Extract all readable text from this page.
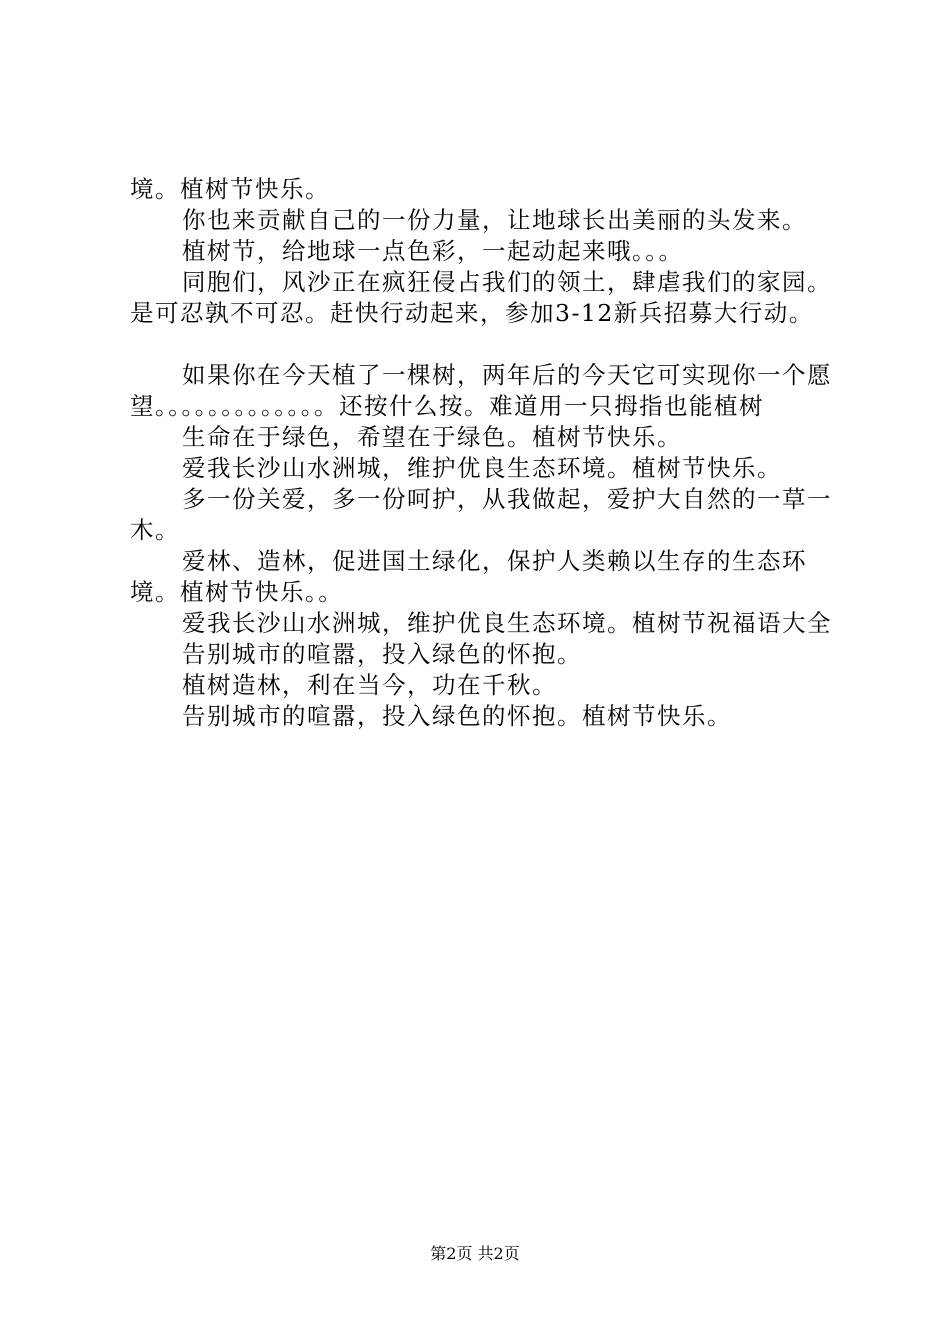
境。植树节快乐。

你也来贡献自己的一份力量，让地球长出美丽的头发来。

植树节，给地球一点色彩，一起动起来哦。。。

同胞们，风沙正在疯狂侵占我们的领土，肆虐我们的家园。是可忍孰不可忍。赶快行动起来，参加3-12新兵招募大行动。

如果你在今天植了一棵树，两年后的今天它可实现你一个愿望。。。。。。。。。。。。。还按什么按。难道用一只拇指也能植树

生命在于绿色，希望在于绿色。植树节快乐。

爱我长沙山水洲城，维护优良生态环境。植树节快乐。

多一份关爱，多一份呵护，从我做起，爱护大自然的一草一木。

爱林、造林，促进国土绿化，保护人类赖以生存的生态环境。植树节快乐。。

爱我长沙山水洲城，维护优良生态环境。植树节祝福语大全

告别城市的喧嚣，投入绿色的怀抱。

植树造林，利在当今，功在千秋。

告别城市的喧嚣，投入绿色的怀抱。植树节快乐。

第2页 共2页
